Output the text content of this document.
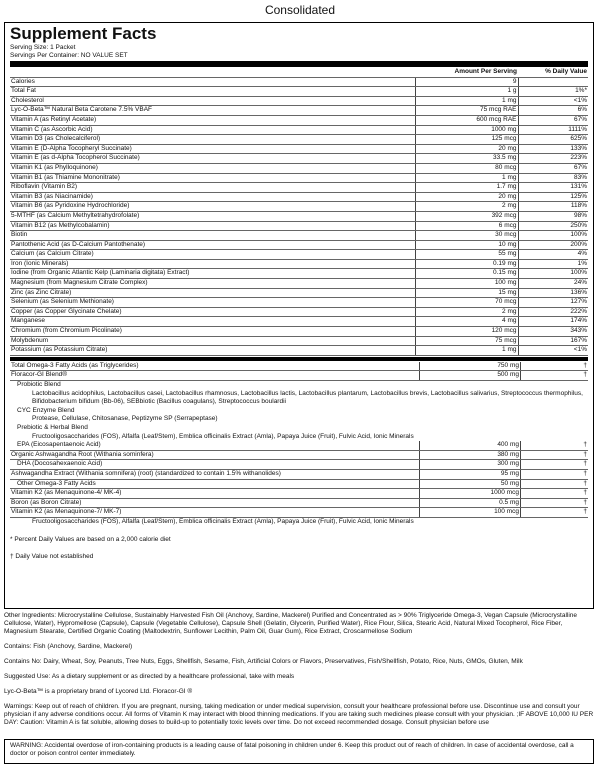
Consolidated
Supplement Facts
Serving Size: 1 Packet
Servings Per Container: NO VALUE SET
	Amount Per Serving	% Daily Value
Calories	9	
Total Fat	1 g	1%*
Cholesterol	1 mg	<1%
Lyc-O-Beta™ Natural Beta Carotene 7.5% VBAF	75 mcg RAE	6%
Vitamin A (as Retinyl Acetate)	600 mcg RAE	67%
Vitamin C (as Ascorbic Acid)	1000 mg	1111%
Vitamin D3 (as Cholecalciferol)	125 mcg	625%
Vitamin E (D-Alpha Tocopheryl Succinate)	20 mg	133%
Vitamin E (as d-Alpha Tocopherol Succinate)	33.5 mg	223%
Vitamin K1 (as Phylloquinone)	80 mcg	67%
Vitamin B1 (as Thiamine Mononitrate)	1 mg	83%
Riboflavin (Vitamin B2)	1.7 mg	131%
Vitamin B3 (as Niacinamide)	20 mg	125%
Vitamin B6 (as Pyridoxine Hydrochloride)	2 mg	118%
5-MTHF (as Calcium Methyltetrahydrofolate)	392 mcg	98%
Vitamin B12 (as Methylcobalamin)	6 mcg	250%
Biotin	30 mcg	100%
Pantothenic Acid (as D-Calcium Pantothenate)	10 mg	200%
Calcium (as Calcium Citrate)	55 mg	4%
Iron (Ionic Minerals)	0.19 mg	1%
Iodine (from Organic Atlantic Kelp (Laminaria digitata) Extract)	0.15 mg	100%
Magnesium (from Magnesium Citrate Complex)	100 mg	24%
Zinc (as Zinc Citrate)	15 mg	136%
Selenium (as Selenium Methionate)	70 mcg	127%
Copper (as Copper Glycinate Chelate)	2 mg	222%
Manganese	4 mg	174%
Chromium (from Chromium Picolinate)	120 mcg	343%
Molybdenum	75 mcg	167%
Potassium (as Potassium Citrate)	1 mg	<1%
Total Omega-3 Fatty Acids (as Triglycerides)	750 mg	†
Floracor-GI Blend®	500 mg	†
Probiotic Blend
Lactobacillus acidophilus, Lactobacillus casei, Lactobacillus rhamnosus, Lactobacillus lactis, Lactobacillus plantarum, Lactobacillus brevis, Lactobacillus salivarius, Streptococcus thermophilus, Bifidobacterium bifidum (Bb-06), SEBbiotic (Bacillus coagulans), Streptococcus boulardii
CYC Enzyme Blend
Protease, Cellulase, Chitosanase, Peptizyme SP (Serrapeptase)
Prebiotic & Herbal Blend
Fructooligosaccharides (FOS), Alfalfa (Leaf/Stem), Emblica officinalis Extract (Amla), Papaya Juice (Fruit), Fulvic Acid, Ionic Minerals
EPA (Eicosapentaenoic Acid)	400 mg	†
Organic Ashwagandha Root (Withania sominfera)	380 mg	†
DHA (Docosahexaenoic Acid)	300 mg	†
Ashwagandha Extract (Withania somnifera) (root) (standardized to contain 1.5% withanolides)	95 mg	†
Other Omega-3 Fatty Acids	50 mg	†
Vitamin K2 (as Menaquinone-4/ MK-4)	1000 mcg	†
Boron (as Boron Citrate)	0.5 mg	†
Vitamin K2 (as Menaquinone-7/ MK-7)	100 mcg	†
Fructooligosaccharides (FOS), Alfalfa (Leaf/Stem), Emblica officinalis Extract (Amla), Papaya Juice (Fruit), Fulvic Acid, Ionic Minerals

* Percent Daily Values are based on a 2,000 calorie diet

† Daily Value not established

Other Ingredients: Microcrystalline Cellulose, Sustainably Harvested Fish Oil (Anchovy, Sardine, Mackerel) Purified and Concentrated as > 90% Triglyceride Omega-3, Vegan Capsule (Microcrystalline Cellulose, Water), Hypromellose (Capsule), Capsule (Vegetable Cellulose), Capsule Shell (Gelatin, Glycerin, Purified Water), Rice Flour, Silica, Stearic Acid, Natural Mixed Tocopherol, Rice Fiber, Magnesium Stearate, Certified Organic Coating (Maltodextrin, Sunflower Lecithin, Palm Oil, Guar Gum), Rice Extract, Croscarmellose Sodium

Contains: Fish (Anchovy, Sardine, Mackerel)

Contains No: Dairy, Wheat, Soy, Peanuts, Tree Nuts, Eggs, Shellfish, Sesame, Fish, Artificial Colors or Flavors, Preservatives, Fish/Shellfish, Potato, Rice, Nuts, GMOs, Gluten, Milk

Suggested Use: As a dietary supplement or as directed by a healthcare professional, take with meals

Lyc-O-Beta™ is a proprietary brand of Lycored Ltd. Floracor-GI ®

Warnings: Keep out of reach of children. If you are pregnant, nursing, taking medication or under medical supervision, consult your healthcare professional before use. Discontinue use and consult your physician if any adverse conditions occur. All forms of Vitamin K may interact with blood thinning medications. If you are taking such medicines please consult with your physician. ;IF ABOVE 10,000 IU PER DAY: Caution: Vitamin A is fat soluble, allowing doses to build-up to potentially toxic levels over time. Do not exceed recommended dosage. Consult physician before use

WARNING: Accidental overdose of iron-containing products is a leading cause of fatal poisoning in children under 6. Keep this product out of reach of children. In case of accidental overdose, call a doctor or poison control center immediately.
